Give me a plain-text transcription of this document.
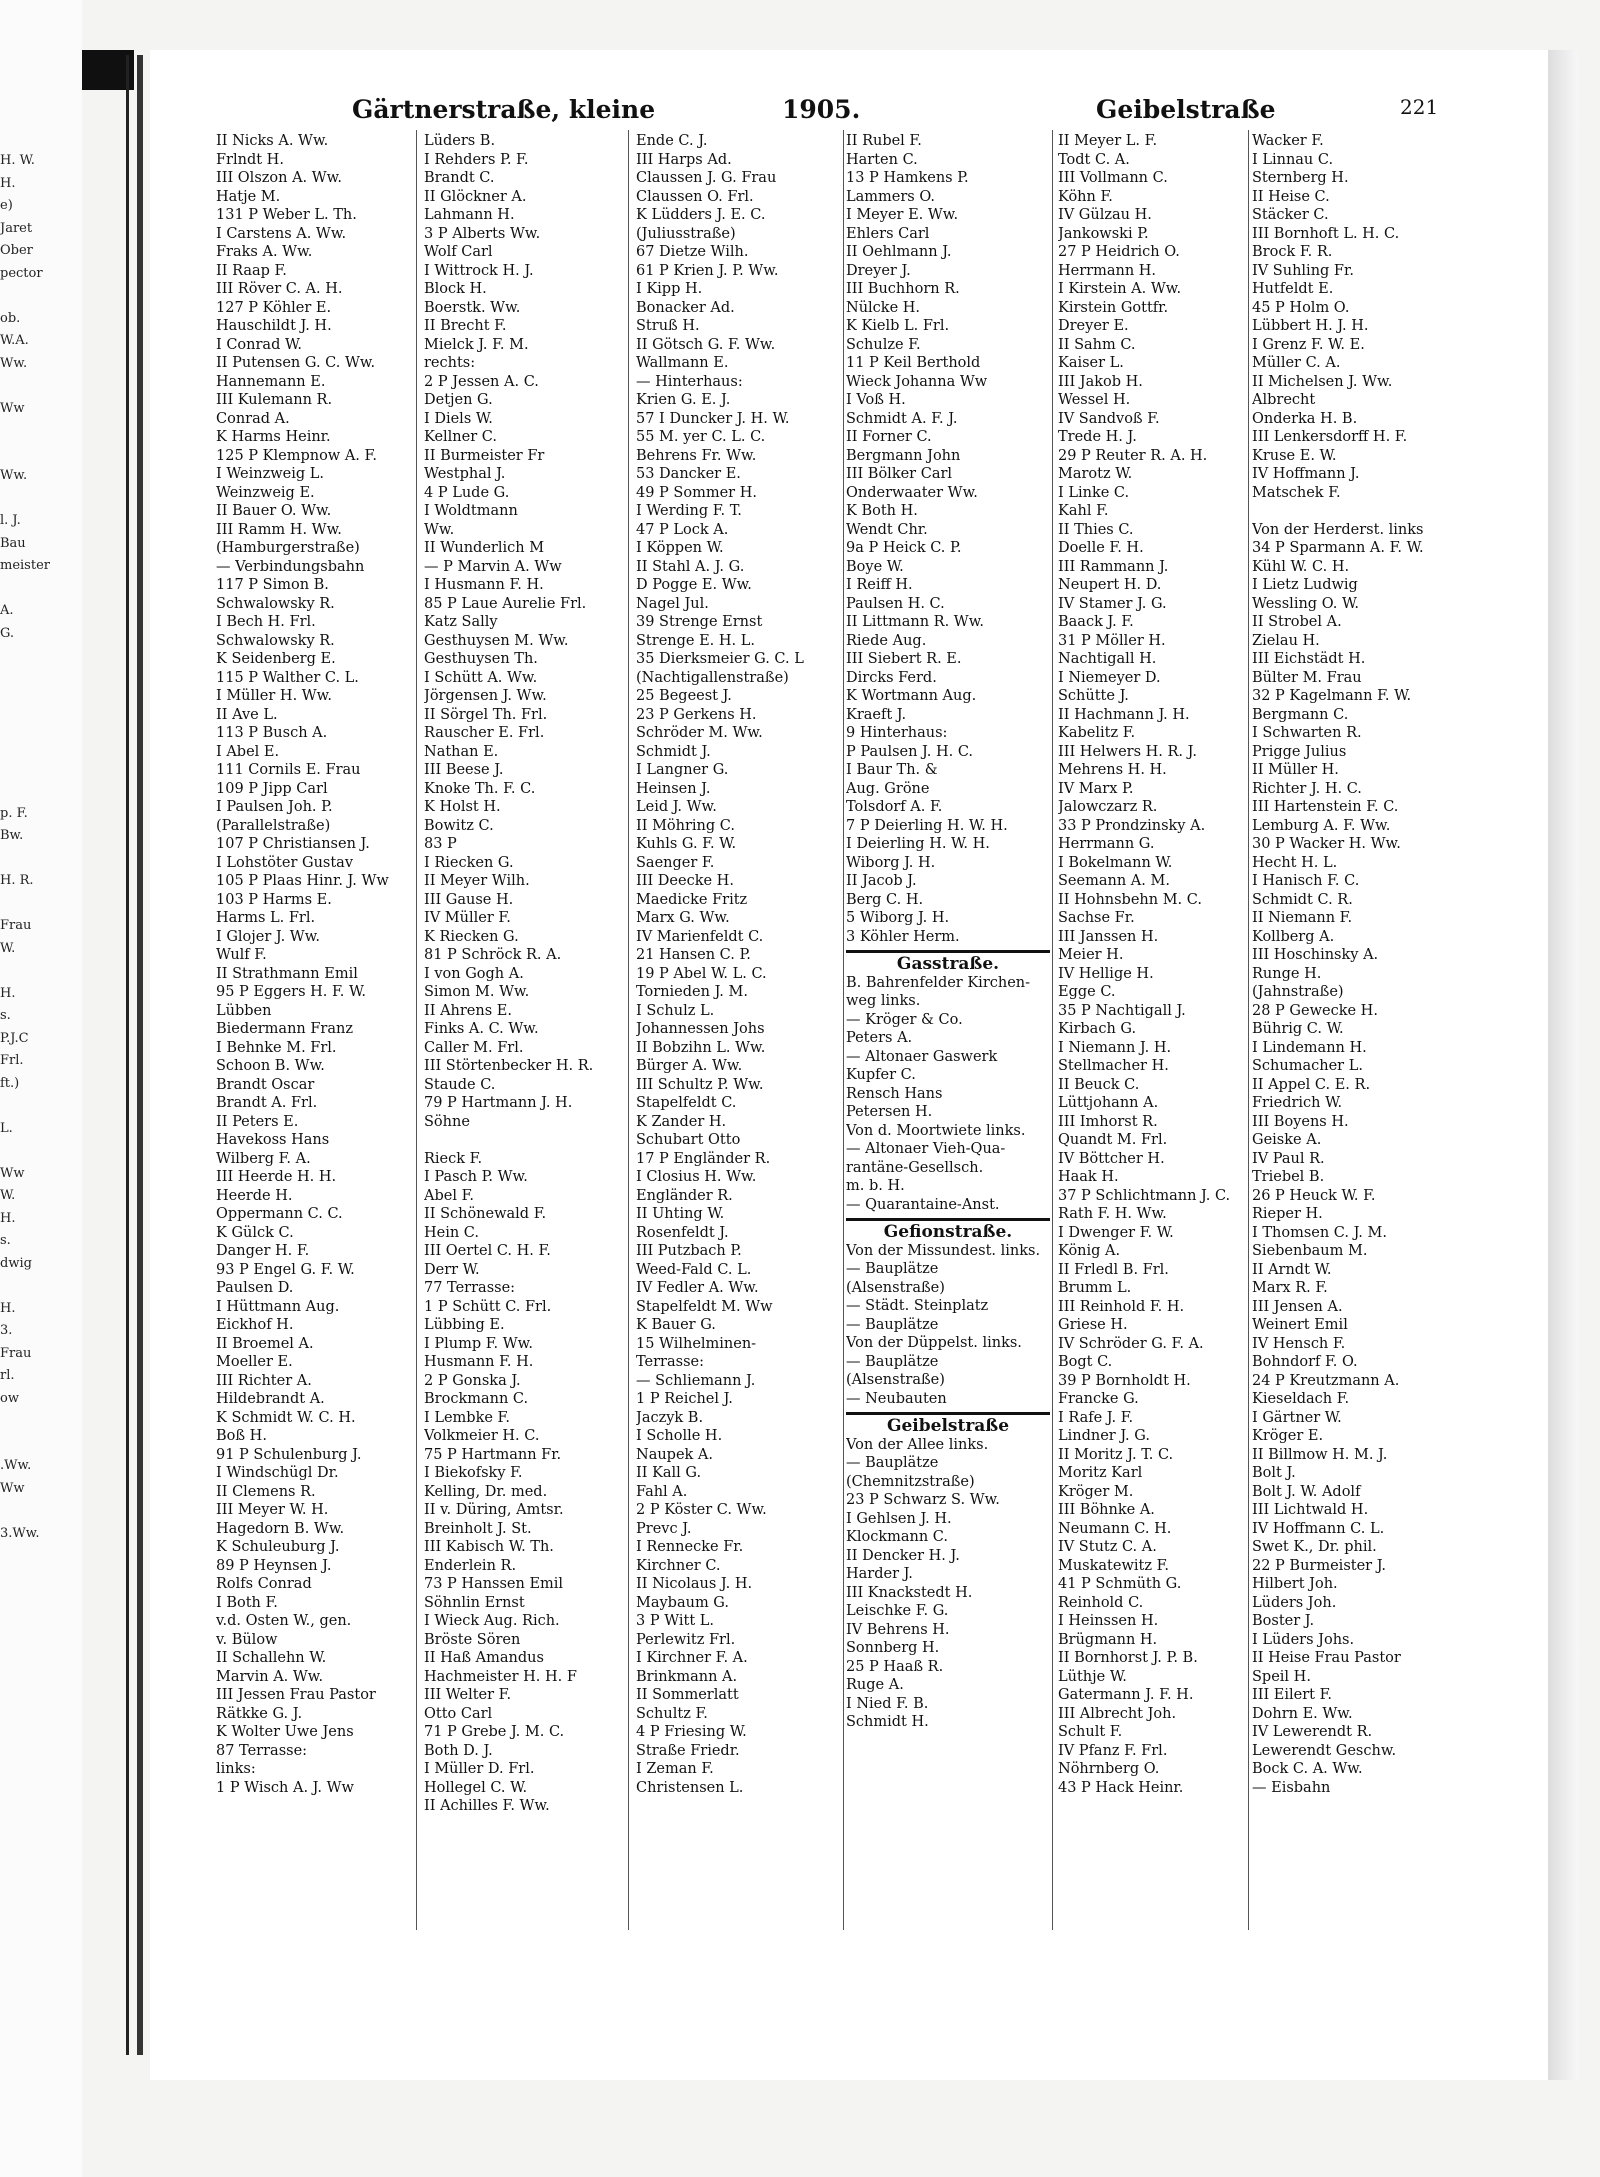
H. W.
H.
e)
Jaret
Ober
pector
ob.
W.A.
Ww.
Ww
Ww.
l. J.
Bau
meister
A.
G.
p. F.
Bw.
H. R.
Frau
W.
H.
s.
P.J.C
Frl.
ft.)
L.
Ww
W.
H.
s.
dwig
H.
3.
Frau
rl.
ow
.Ww.
Ww
3.Ww.
Gärtnerstraße, kleine	1905.	Geibelstraße	221
II Nicks A. Ww.
Frlndt H.
III Olszon A. Ww.
Hatje M.
131 P Weber L. Th.
I Carstens A. Ww.
Fraks A. Ww.
II Raap F.
III Röver C. A. H.
127 P Köhler E.
Hauschildt J. H.
I Conrad W.
II Putensen G. C. Ww.
Hannemann E.
III Kulemann R.
Conrad A.
K Harms Heinr.
125 P Klempnow A. F.
I Weinzweig L.
Weinzweig E.
II Bauer O. Ww.
III Ramm H. Ww.
(Hamburgerstraße)
— Verbindungsbahn
117 P Simon B.
Schwalowsky R.
I Bech H. Frl.
Schwalowsky R.
K Seidenberg E.
115 P Walther C. L.
I Müller H. Ww.
II Ave L.
113 P Busch A.
I Abel E.
111 Cornils E. Frau
109 P Jipp Carl
I Paulsen Joh. P.
(Parallelstraße)
107 P Christiansen J.
I Lohstöter Gustav
105 P Plaas Hinr. J. Ww
103 P Harms E.
Harms L. Frl.
I Glojer J. Ww.
Wulf F.
II Strathmann Emil
95 P Eggers H. F. W.
Lübben
Biedermann Franz
I Behnke M. Frl.
Schoon B. Ww.
Brandt Oscar
Brandt A. Frl.
II Peters E.
Havekoss Hans
Wilberg F. A.
III Heerde H. H.
Heerde H.
Oppermann C. C.
K Gülck C.
Danger H. F.
93 P Engel G. F. W.
Paulsen D.
I Hüttmann Aug.
Eickhof H.
II Broemel A.
Moeller E.
III Richter A.
Hildebrandt A.
K Schmidt W. C. H.
Boß H.
91 P Schulenburg J.
I Windschügl Dr.
II Clemens R.
III Meyer W. H.
Hagedorn B. Ww.
K Schuleuburg J.
89 P Heynsen J.
Rolfs Conrad
I Both F.
v.d. Osten W., gen.
v. Bülow
II Schallehn W.
Marvin A. Ww.
III Jessen Frau Pastor
Rätkke G. J.
K Wolter Uwe Jens
87 Terrasse:
links:
1 P Wisch A. J. Ww
Lüders B.
I Rehders P. F.
Brandt C.
II Glöckner A.
Lahmann H.
3 P Alberts Ww.
Wolf Carl
I Wittrock H. J.
Block H.
Boerstk. Ww.
II Brecht F.
Mielck J. F. M.
rechts:
2 P Jessen A. C.
Detjen G.
I Diels W.
Kellner C.
II Burmeister Fr
Westphal J.
4 P Lude G.
I Woldtmann
Ww.
II Wunderlich M
— P Marvin A. Ww
I Husmann F. H.
85 P Laue Aurelie Frl.
Katz Sally
Gesthuysen M. Ww.
Gesthuysen Th.
I Schütt A. Ww.
Jörgensen J. Ww.
II Sörgel Th. Frl.
Rauscher E. Frl.
Nathan E.
III Beese J.
Knoke Th. F. C.
K Holst H.
Bowitz C.
83 P
I Riecken G.
II Meyer Wilh.
III Gause H.
IV Müller F.
K Riecken G.
81 P Schröck R. A.
I von Gogh A.
Simon M. Ww.
II Ahrens E.
Finks A. C. Ww.
Caller M. Frl.
III Störtenbecker H. R.
Staude C.
79 P Hartmann J. H.
Söhne
Rieck F.
I Pasch P. Ww.
Abel F.
II Schönewald F.
Hein C.
III Oertel C. H. F.
Derr W.
77 Terrasse:
1 P Schütt C. Frl.
Lübbing E.
I Plump F. Ww.
Husmann F. H.
2 P Gonska J.
Brockmann C.
I Lembke F.
Volkmeier H. C.
75 P Hartmann Fr.
I Biekofsky F.
Kelling, Dr. med.
II v. Düring, Amtsr.
Breinholt J. St.
III Kabisch W. Th.
Enderlein R.
73 P Hanssen Emil
Söhnlin Ernst
I Wieck Aug. Rich.
Bröste Sören
II Haß Amandus
Hachmeister H. H. F
III Welter F.
Otto Carl
71 P Grebe J. M. C.
Both D. J.
I Müller D. Frl.
Hollegel C. W.
II Achilles F. Ww.
Ende C. J.
III Harps Ad.
Claussen J. G. Frau
Claussen O. Frl.
K Lüdders J. E. C.
(Juliusstraße)
67 Dietze Wilh.
61 P Krien J. P. Ww.
I Kipp H.
Bonacker Ad.
Struß H.
II Götsch G. F. Ww.
Wallmann E.
— Hinterhaus:
Krien G. E. J.
57 I Duncker J. H. W.
55 M. yer C. L. C.
Behrens Fr. Ww.
53 Dancker E.
49 P Sommer H.
I Werding F. T.
47 P Lock A.
I Köppen W.
II Stahl A. J. G.
D Pogge E. Ww.
Nagel Jul.
39 Strenge Ernst
Strenge E. H. L.
35 Dierksmeier G. C. L
(Nachtigallenstraße)
25 Begeest J.
23 P Gerkens H.
Schröder M. Ww.
Schmidt J.
I Langner G.
Heinsen J.
Leid J. Ww.
II Möhring C.
Kuhls G. F. W.
Saenger F.
III Deecke H.
Maedicke Fritz
Marx G. Ww.
IV Marienfeldt C.
21 Hansen C. P.
19 P Abel W. L. C.
Tornieden J. M.
I Schulz L.
Johannessen Johs
II Bobzihn L. Ww.
Bürger A. Ww.
III Schultz P. Ww.
Stapelfeldt C.
K Zander H.
Schubart Otto
17 P Engländer R.
I Closius H. Ww.
Engländer R.
II Uhting W.
Rosenfeldt J.
III Putzbach P.
Weed-Fald C. L.
IV Fedler A. Ww.
Stapelfeldt M. Ww
K Bauer G.
15 Wilhelminen-
Terrasse:
— Schliemann J.
1 P Reichel J.
Jaczyk B.
I Scholle H.
Naupek A.
II Kall G.
Fahl A.
2 P Köster C. Ww.
Prevc J.
I Rennecke Fr.
Kirchner C.
II Nicolaus J. H.
Maybaum G.
3 P Witt L.
Perlewitz Frl.
I Kirchner F. A.
Brinkmann A.
II Sommerlatt
Schultz F.
4 P Friesing W.
Straße Friedr.
I Zeman F.
Christensen L.
II Rubel F.
Harten C.
13 P Hamkens P.
Lammers O.
I Meyer E. Ww.
Ehlers Carl
II Oehlmann J.
Dreyer J.
III Buchhorn R.
Nülcke H.
K Kielb L. Frl.
Schulze F.
11 P Keil Berthold
Wieck Johanna Ww
I Voß H.
Schmidt A. F. J.
II Forner C.
Bergmann John
III Bölker Carl
Onderwaater Ww.
K Both H.
Wendt Chr.
9a P Heick C. P.
Boye W.
I Reiff H.
Paulsen H. C.
II Littmann R. Ww.
Riede Aug.
III Siebert R. E.
Dircks Ferd.
K Wortmann Aug.
Kraeft J.
9 Hinterhaus:
P Paulsen J. H. C.
I Baur Th. &
Aug. Gröne
Tolsdorf A. F.
7 P Deierling H. W. H.
I Deierling H. W. H.
Wiborg J. H.
II Jacob J.
Berg C. H.
5 Wiborg J. H.
3 Köhler Herm.
Gasstraße.
B. Bahrenfelder Kirchen-
weg links.
— Kröger & Co.
Peters A.
— Altonaer Gaswerk
Kupfer C.
Rensch Hans
Petersen H.
Von d. Moortwiete links.
— Altonaer Vieh-Qua-
rantäne-Gesellsch.
m. b. H.
— Quarantaine-Anst.
Gefionstraße.
Von der Missundest. links.
— Bauplätze
(Alsenstraße)
— Städt. Steinplatz
— Bauplätze
Von der Düppelst. links.
— Bauplätze
(Alsenstraße)
— Neubauten
Geibelstraße
Von der Allee links.
— Bauplätze
(Chemnitzstraße)
23 P Schwarz S. Ww.
I Gehlsen J. H.
Klockmann C.
II Dencker H. J.
Harder J.
III Knackstedt H.
Leischke F. G.
IV Behrens H.
Sonnberg H.
25 P Haaß R.
Ruge A.
I Nied F. B.
Schmidt H.
II Meyer L. F.
Todt C. A.
III Vollmann C.
Köhn F.
IV Gülzau H.
Jankowski P.
27 P Heidrich O.
Herrmann H.
I Kirstein A. Ww.
Kirstein Gottfr.
Dreyer E.
II Sahm C.
Kaiser L.
III Jakob H.
Wessel H.
IV Sandvoß F.
Trede H. J.
29 P Reuter R. A. H.
Marotz W.
I Linke C.
Kahl F.
II Thies C.
Doelle F. H.
III Rammann J.
Neupert H. D.
IV Stamer J. G.
Baack J. F.
31 P Möller H.
Nachtigall H.
I Niemeyer D.
Schütte J.
II Hachmann J. H.
Kabelitz F.
III Helwers H. R. J.
Mehrens H. H.
IV Marx P.
Jalowczarz R.
33 P Prondzinsky A.
Herrmann G.
I Bokelmann W.
Seemann A. M.
II Hohnsbehn M. C.
Sachse Fr.
III Janssen H.
Meier H.
IV Hellige H.
Egge C.
35 P Nachtigall J.
Kirbach G.
I Niemann J. H.
Stellmacher H.
II Beuck C.
Lüttjohann A.
III Imhorst R.
Quandt M. Frl.
IV Böttcher H.
Haak H.
37 P Schlichtmann J. C.
Rath F. H. Ww.
I Dwenger F. W.
König A.
II Frledl B. Frl.
Brumm L.
III Reinhold F. H.
Griese H.
IV Schröder G. F. A.
Bogt C.
39 P Bornholdt H.
Francke G.
I Rafe J. F.
Lindner J. G.
II Moritz J. T. C.
Moritz Karl
Kröger M.
III Böhnke A.
Neumann C. H.
IV Stutz C. A.
Muskatewitz F.
41 P Schmüth G.
Reinhold C.
I Heinssen H.
Brügmann H.
II Bornhorst J. P. B.
Lüthje W.
Gatermann J. F. H.
III Albrecht Joh.
Schult F.
IV Pfanz F. Frl.
Nöhrnberg O.
43 P Hack Heinr.
Wacker F.
I Linnau C.
Sternberg H.
II Heise C.
Stäcker C.
III Bornhoft L. H. C.
Brock F. R.
IV Suhling Fr.
Hutfeldt E.
45 P Holm O.
Lübbert H. J. H.
I Grenz F. W. E.
Müller C. A.
II Michelsen J. Ww.
Albrecht
Onderka H. B.
III Lenkersdorff H. F.
Kruse E. W.
IV Hoffmann J.
Matschek F.
Von der Herderst. links
34 P Sparmann A. F. W.
Kühl W. C. H.
I Lietz Ludwig
Wessling O. W.
II Strobel A.
Zielau H.
III Eichstädt H.
Bülter M. Frau
32 P Kagelmann F. W.
Bergmann C.
I Schwarten R.
Prigge Julius
II Müller H.
Richter J. H. C.
III Hartenstein F. C.
Lemburg A. F. Ww.
30 P Wacker H. Ww.
Hecht H. L.
I Hanisch F. C.
Schmidt C. R.
II Niemann F.
Kollberg A.
III Hoschinsky A.
Runge H.
(Jahnstraße)
28 P Gewecke H.
Bührig C. W.
I Lindemann H.
Schumacher L.
II Appel C. E. R.
Friedrich W.
III Boyens H.
Geiske A.
IV Paul R.
Triebel B.
26 P Heuck W. F.
Rieper H.
I Thomsen C. J. M.
Siebenbaum M.
II Arndt W.
Marx R. F.
III Jensen A.
Weinert Emil
IV Hensch F.
Bohndorf F. O.
24 P Kreutzmann A.
Kieseldach F.
I Gärtner W.
Kröger E.
II Billmow H. M. J.
Bolt J.
Bolt J. W. Adolf
III Lichtwald H.
IV Hoffmann C. L.
Swet K., Dr. phil.
22 P Burmeister J.
Hilbert Joh.
Lüders Joh.
Boster J.
I Lüders Johs.
II Heise Frau Pastor
Speil H.
III Eilert F.
Dohrn E. Ww.
IV Lewerendt R.
Lewerendt Geschw.
Bock C. A. Ww.
— Eisbahn
